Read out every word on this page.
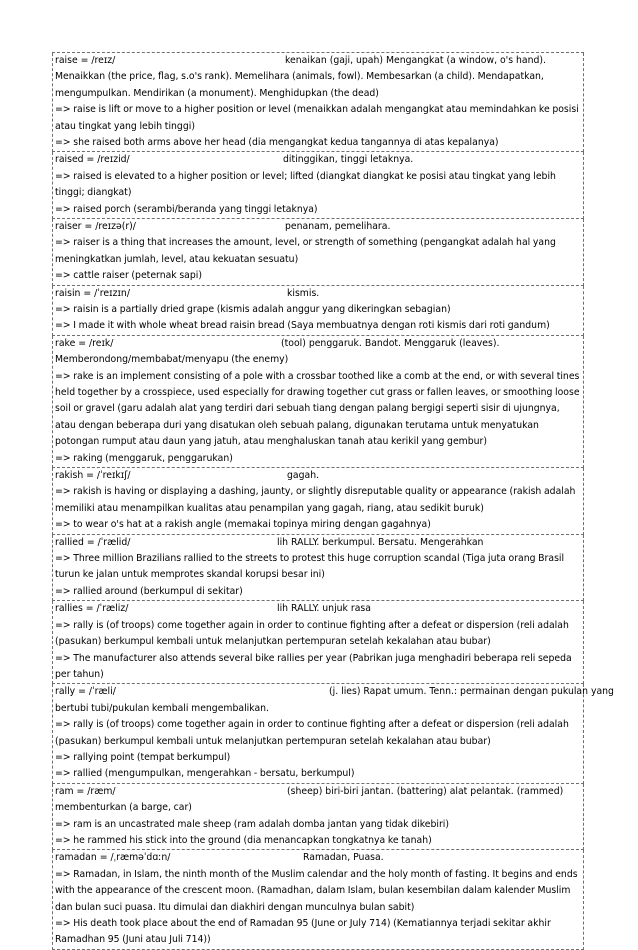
raise = /reɪz/	kenaikan (gaji, upah) Mengangkat (a window, o's hand).
Menaikkan (the price, flag, s.o's rank). Memelihara (animals, fowl). Membesarkan (a child). Mendapatkan, mengumpulkan. Mendirikan (a monument). Menghidupkan (the dead)
=> raise is lift or move to a higher position or level (menaikkan adalah mengangkat atau memindahkan ke posisi atau tingkat yang lebih tinggi)
=> she raised both arms above her head (dia mengangkat kedua tangannya di atas kepalanya)
raised = /reɪzid/	ditinggikan, tinggi letaknya.
=> raised is elevated to a higher position or level; lifted (diangkat diangkat ke posisi atau tingkat yang lebih tinggi; diangkat)
=> raised porch (serambi/beranda yang tinggi letaknya)
raiser = /reɪzə(r)/	penanam, pemelihara.
=> raiser is a thing that increases the amount, level, or strength of something (pengangkat adalah hal yang meningkatkan jumlah, level, atau kekuatan sesuatu)
=> cattle raiser (peternak sapi)
raisin = /ˈreɪzɪn/	kismis.
=> raisin is a partially dried grape (kismis adalah anggur yang dikeringkan sebagian)
=> I made it with whole wheat bread raisin bread (Saya membuatnya dengan roti kismis dari roti gandum)
rake = /reɪk/	(tool) penggaruk. Bandot. Menggaruk (leaves).
Memberondong/membabat/menyapu (the enemy)
=> rake is an implement consisting of a pole with a crossbar toothed like a comb at the end, or with several tines held together by a crosspiece, used especially for drawing together cut grass or fallen leaves, or smoothing loose soil or gravel (garu adalah alat yang terdiri dari sebuah tiang dengan palang bergigi seperti sisir di ujungnya, atau dengan beberapa duri yang disatukan oleh sebuah palang, digunakan terutama untuk menyatukan potongan rumput atau daun yang jatuh, atau menghaluskan tanah atau kerikil yang gembur)
=> raking (menggaruk, penggarukan)
rakish = /ˈreɪkɪʃ/	gagah.
=> rakish is having or displaying a dashing, jaunty, or slightly disreputable quality or appearance (rakish adalah memiliki atau menampilkan kualitas atau penampilan yang gagah, riang, atau sedikit buruk)
=> to wear o's hat at a rakish angle (memakai topinya miring dengan gagahnya)
rallied = /ˈrælid/	lih RALLY. berkumpul. Bersatu. Mengerahkan
=> Three million Brazilians rallied to the streets to protest this huge corruption scandal (Tiga juta orang Brasil turun ke jalan untuk memprotes skandal korupsi besar ini)
=> rallied around (berkumpul di sekitar)
rallies = /ˈræliz/	lih RALLY. unjuk rasa
=> rally is (of troops) come together again in order to continue fighting after a defeat or dispersion (reli adalah (pasukan) berkumpul kembali untuk melanjutkan pertempuran setelah kekalahan atau bubar)
=> The manufacturer also attends several bike rallies per year (Pabrikan juga menghadiri beberapa reli sepeda per tahun)
rally = /ˈræli/	(j. lies) Rapat umum. Tenn.: permainan dengan pukulan yang
bertubi tubi/pukulan kembali mengembalikan.
=> rally is (of troops) come together again in order to continue fighting after a defeat or dispersion (reli adalah (pasukan) berkumpul kembali untuk melanjutkan pertempuran setelah kekalahan atau bubar)
=> rallying point (tempat berkumpul)
=> rallied (mengumpulkan, mengerahkan - bersatu, berkumpul)
ram = /ræm/	(sheep) biri-biri jantan. (battering) alat pelantak. (rammed)
membenturkan (a barge, car)
=> ram is an uncastrated male sheep (ram adalah domba jantan yang tidak dikebiri)
=> he rammed his stick into the ground (dia menancapkan tongkatnya ke tanah)
ramadan = /ˌræməˈdɑːn/	Ramadan, Puasa.
=> Ramadan, in Islam, the ninth month of the Muslim calendar and the holy month of fasting. It begins and ends with the appearance of the crescent moon. (Ramadhan, dalam Islam, bulan kesembilan dalam kalender Muslim dan bulan suci puasa. Itu dimulai dan diakhiri dengan munculnya bulan sabit)
=> His death took place about the end of Ramadan 95 (June or July 714) (Kematiannya terjadi sekitar akhir Ramadhan 95 (Juni atau Juli 714))
